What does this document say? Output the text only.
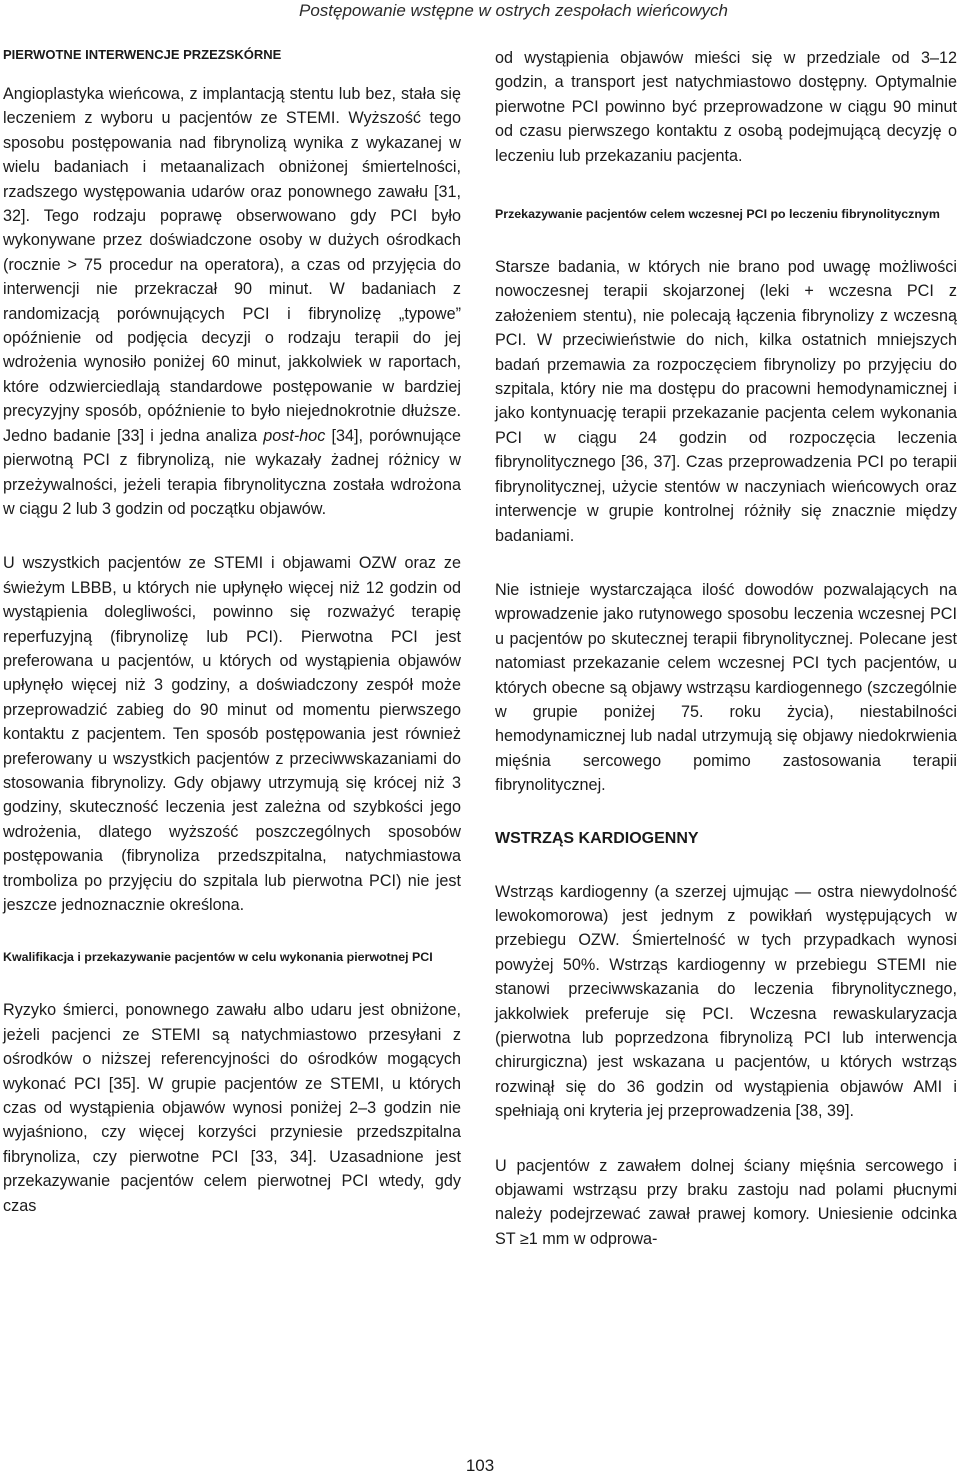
Postępowanie wstępne w ostrych zespołach wieńcowych
PIERWOTNE INTERWENCJE PRZEZSKÓRNE

Angioplastyka wieńcowa, z implantacją stentu lub bez, stała się leczeniem z wyboru u pacjentów ze STEMI. Wyższość tego sposobu postępowania nad fibrynolizą wynika z wykazanej w wielu badaniach i metaanalizach obniżonej śmiertelności, rzadszego występowania udarów oraz ponownego zawału [31, 32]. Tego rodzaju poprawę obserwowano gdy PCI było wykonywane przez doświadczone osoby w dużych ośrodkach (rocznie > 75 procedur na operatora), a czas od przyjęcia do interwencji nie przekraczał 90 minut. W badaniach z randomizacją porównujących PCI i fibrynolizę „typowe” opóźnienie od podjęcia decyzji o rodzaju terapii do jej wdrożenia wynosiło poniżej 60 minut, jakkolwiek w raportach, które odzwierciedlają standardowe postępowanie w bardziej precyzyjny sposób, opóźnienie to było niejednokrotnie dłuższe. Jedno badanie [33] i jedna analiza post-hoc [34], porównujące pierwotną PCI z fibrynolizą, nie wykazały żadnej różnicy w przeżywalności, jeżeli terapia fibrynolityczna została wdrożona w ciągu 2 lub 3 godzin od początku objawów.

U wszystkich pacjentów ze STEMI i objawami OZW oraz ze świeżym LBBB, u których nie upłynęło więcej niż 12 godzin od wystąpienia dolegliwości, powinno się rozważyć terapię reperfuzyjną (fibrynolizę lub PCI). Pierwotna PCI jest preferowana u pacjentów, u których od wystąpienia objawów upłynęło więcej niż 3 godziny, a doświadczony zespół może przeprowadzić zabieg do 90 minut od momentu pierwszego kontaktu z pacjentem. Ten sposób postępowania jest również preferowany u wszystkich pacjentów z przeciwwskazaniami do stosowania fibrynolizy. Gdy objawy utrzymują się krócej niż 3 godziny, skuteczność leczenia jest zależna od szybkości jego wdrożenia, dlatego wyższość poszczególnych sposobów postępowania (fibrynoliza przedszpitalna, natychmiastowa tromboliza po przyjęciu do szpitala lub pierwotna PCI) nie jest jeszcze jednoznacznie określona.

Kwalifikacja i przekazywanie pacjentów w celu wykonania pierwotnej PCI

Ryzyko śmierci, ponownego zawału albo udaru jest obniżone, jeżeli pacjenci ze STEMI są natychmiastowo przesyłani z ośrodków o niższej referencyjności do ośrodków mogących wykonać PCI [35]. W grupie pacjentów ze STEMI, u których czas od wystąpienia objawów wynosi poniżej 2–3 godzin nie wyjaśniono, czy więcej korzyści przyniesie przedszpitalna fibrynoliza, czy pierwotne PCI [33, 34]. Uzasadnione jest przekazywanie pacjentów celem pierwotnej PCI wtedy, gdy czas

od wystąpienia objawów mieści się w przedziale od 3–12 godzin, a transport jest natychmiastowo dostępny. Optymalnie pierwotne PCI powinno być przeprowadzone w ciągu 90 minut od czasu pierwszego kontaktu z osobą podejmującą decyzję o leczeniu lub przekazaniu pacjenta.

Przekazywanie pacjentów celem wczesnej PCI po leczeniu fibrynolitycznym

Starsze badania, w których nie brano pod uwagę możliwości nowoczesnej terapii skojarzonej (leki + wczesna PCI z założeniem stentu), nie polecają łączenia fibrynolizy z wczesną PCI. W przeciwieństwie do nich, kilka ostatnich mniejszych badań przemawia za rozpoczęciem fibrynolizy po przyjęciu do szpitala, który nie ma dostępu do pracowni hemodynamicznej i jako kontynuację terapii przekazanie pacjenta celem wykonania PCI w ciągu 24 godzin od rozpoczęcia leczenia fibrynolitycznego [36, 37]. Czas przeprowadzenia PCI po terapii fibrynolitycznej, użycie stentów w naczyniach wieńcowych oraz interwencje w grupie kontrolnej różniły się znacznie między badaniami.

Nie istnieje wystarczająca ilość dowodów pozwalających na wprowadzenie jako rutynowego sposobu leczenia wczesnej PCI u pacjentów po skutecznej terapii fibrynolitycznej. Polecane jest natomiast przekazanie celem wczesnej PCI tych pacjentów, u których obecne są objawy wstrząsu kardiogennego (szczególnie w grupie poniżej 75. roku życia), niestabilności hemodynamicznej lub nadal utrzymują się objawy niedokrwienia mięśnia sercowego pomimo zastosowania terapii fibrynolitycznej.

WSTRZĄS KARDIOGENNY

Wstrząs kardiogenny (a szerzej ujmując — ostra niewydolność lewokomorowa) jest jednym z powikłań występujących w przebiegu OZW. Śmiertelność w tych przypadkach wynosi powyżej 50%. Wstrząs kardiogenny w przebiegu STEMI nie stanowi przeciwwskazania do leczenia fibrynolitycznego, jakkolwiek preferuje się PCI. Wczesna rewaskularyzacja (pierwotna lub poprzedzona fibrynolizą PCI lub interwencja chirurgiczna) jest wskazana u pacjentów, u których wstrząs rozwinął się do 36 godzin od wystąpienia objawów AMI i spełniają oni kryteria jej przeprowadzenia [38, 39].

U pacjentów z zawałem dolnej ściany mięśnia sercowego i objawami wstrząsu przy braku zastoju nad polami płucnymi należy podejrzewać zawał prawej komory. Uniesienie odcinka ST ≥1 mm w odprowa-

103
